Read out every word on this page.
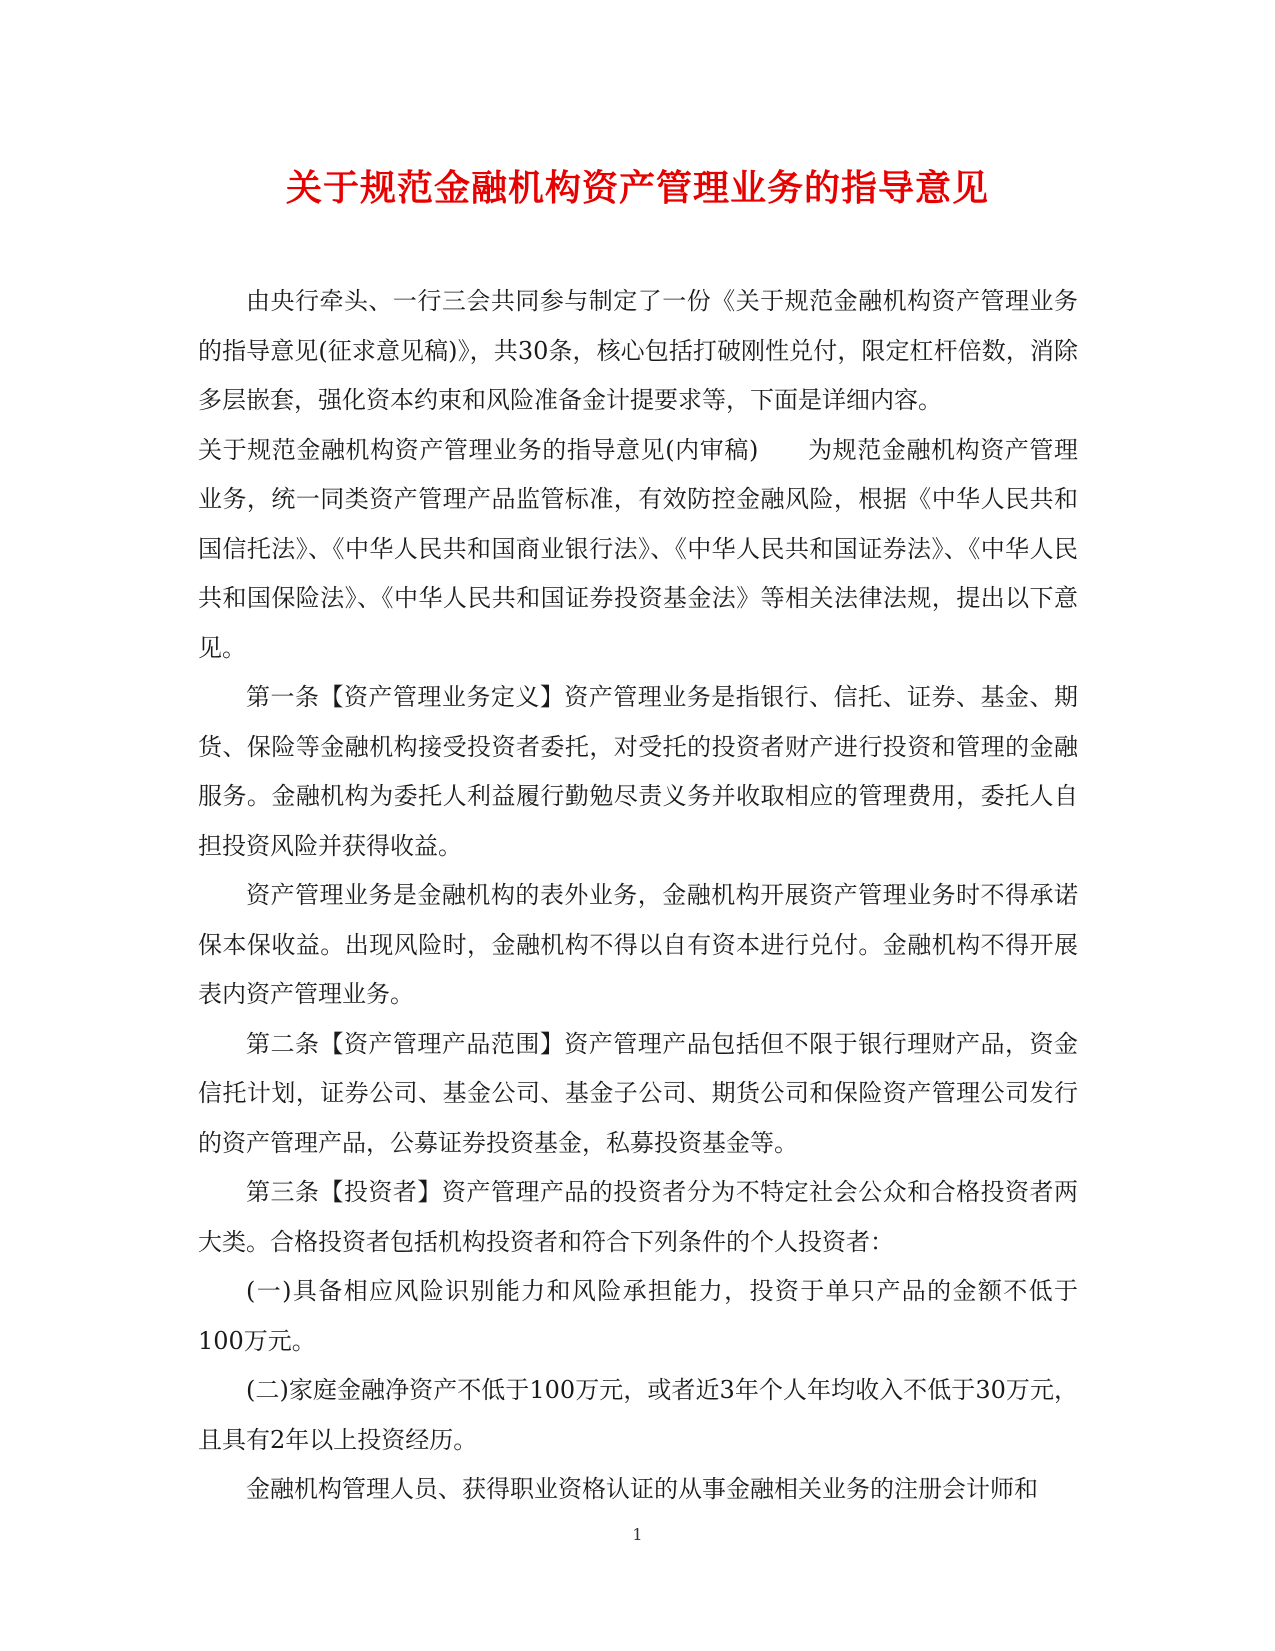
关于规范金融机构资产管理业务的指导意见

由央行牵头、一行三会共同参与制定了一份《关于规范金融机构资产管理业务的指导意见(征求意见稿)》，共30条，核心包括打破刚性兑付，限定杠杆倍数，消除多层嵌套，强化资本约束和风险准备金计提要求等，下面是详细内容。

关于规范金融机构资产管理业务的指导意见(内审稿)　　为规范金融机构资产管理业务，统一同类资产管理产品监管标准，有效防控金融风险，根据《中华人民共和国信托法》、《中华人民共和国商业银行法》、《中华人民共和国证券法》、《中华人民共和国保险法》、《中华人民共和国证券投资基金法》等相关法律法规，提出以下意见。

第一条【资产管理业务定义】资产管理业务是指银行、信托、证券、基金、期货、保险等金融机构接受投资者委托，对受托的投资者财产进行投资和管理的金融服务。金融机构为委托人利益履行勤勉尽责义务并收取相应的管理费用，委托人自担投资风险并获得收益。

资产管理业务是金融机构的表外业务，金融机构开展资产管理业务时不得承诺保本保收益。出现风险时，金融机构不得以自有资本进行兑付。金融机构不得开展表内资产管理业务。

第二条【资产管理产品范围】资产管理产品包括但不限于银行理财产品，资金信托计划，证券公司、基金公司、基金子公司、期货公司和保险资产管理公司发行的资产管理产品，公募证券投资基金，私募投资基金等。

第三条【投资者】资产管理产品的投资者分为不特定社会公众和合格投资者两大类。合格投资者包括机构投资者和符合下列条件的个人投资者：

(一)具备相应风险识别能力和风险承担能力，投资于单只产品的金额不低于100万元。

(二)家庭金融净资产不低于100万元，或者近3年个人年均收入不低于30万元，且具有2年以上投资经历。

金融机构管理人员、获得职业资格认证的从事金融相关业务的注册会计师和

1
